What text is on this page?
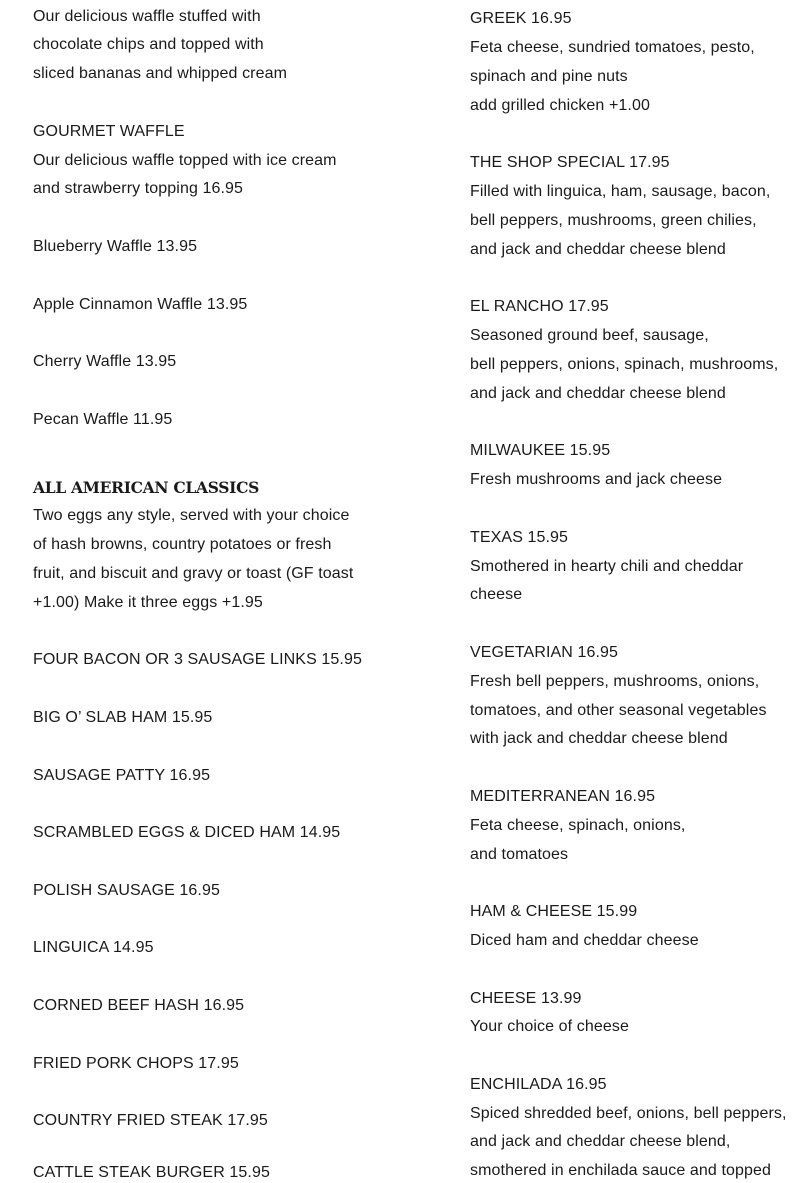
Our delicious waffle stuffed with
chocolate chips and topped with
sliced bananas and whipped cream
GOURMET WAFFLE
Our delicious waffle topped with ice cream
and strawberry topping 16.95
Blueberry Waffle 13.95
Apple Cinnamon Waffle 13.95
Cherry Waffle 13.95
Pecan Waffle 11.95
ALL AMERICAN CLASSICS
Two eggs any style, served with your choice
of hash browns, country potatoes or fresh
fruit, and biscuit and gravy or toast (GF toast
+1.00) Make it three eggs +1.95
FOUR BACON OR 3 SAUSAGE LINKS 15.95
BIG O’ SLAB HAM 15.95
SAUSAGE PATTY 16.95
SCRAMBLED EGGS & DICED HAM 14.95
POLISH SAUSAGE 16.95
LINGUICA 14.95
CORNED BEEF HASH 16.95
FRIED PORK CHOPS 17.95
COUNTRY FRIED STEAK 17.95
CATTLE STEAK BURGER 15.95
GREEK 16.95
Feta cheese, sundried tomatoes, pesto,
spinach and pine nuts
add grilled chicken +1.00
THE SHOP SPECIAL 17.95
Filled with linguica, ham, sausage, bacon,
bell peppers, mushrooms, green chilies,
and jack and cheddar cheese blend
EL RANCHO 17.95
Seasoned ground beef, sausage,
bell peppers, onions, spinach, mushrooms,
and jack and cheddar cheese blend
MILWAUKEE 15.95
Fresh mushrooms and jack cheese
TEXAS 15.95
Smothered in hearty chili and cheddar
cheese
VEGETARIAN 16.95
Fresh bell peppers, mushrooms, onions,
tomatoes, and other seasonal vegetables
with jack and cheddar cheese blend
MEDITERRANEAN 16.95
Feta cheese, spinach, onions,
and tomatoes
HAM & CHEESE 15.99
Diced ham and cheddar cheese
CHEESE 13.99
Your choice of cheese
ENCHILADA 16.95
Spiced shredded beef, onions, bell peppers,
and jack and cheddar cheese blend,
smothered in enchilada sauce and topped
